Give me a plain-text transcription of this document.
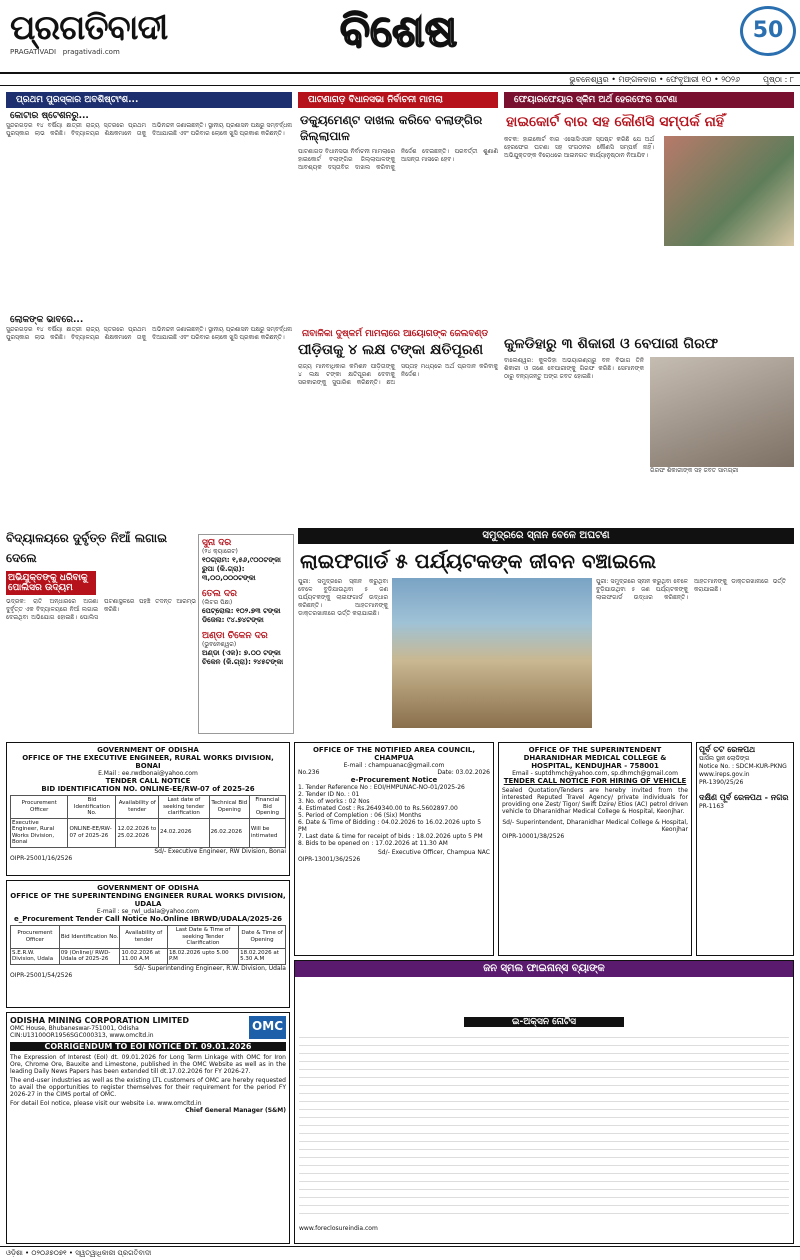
ପ୍ରଗତିବାଦୀ
PRAGATIVADI pragativadi.com	ବିଶେଷ	50
ଭୁବନେଶ୍ୱର • ମଙ୍ଗଳବାର • ଫେବୃଆରୀ ୧୦ • ୨୦୨୬	ପୃଷ୍ଠା : ୮
ପ୍ରଥମ ପୁରସ୍କାର ଅବଶିଷ୍ଟାଂଶ...
କୋଟାର ଷ୍ଟେଶନରୁ...
ସୁନ୍ଦରଗଡ଼ର ୧୪ ବର୍ଷିୟା ଛାତ୍ରୀ ରାଜ୍ୟ ସ୍ତରରେ ପ୍ରଥମ ପୁରସ୍କାର ଲାଭ କରିଛି। ବିଦ୍ୟାଳୟର ଶିକ୍ଷକମାନେ ତାକୁ ଅଭିନନ୍ଦନ ଜଣାଇଛନ୍ତି। ସ୍ଥାନୀୟ ପ୍ରଶାସନ ପକ୍ଷରୁ ସମ୍ବର୍ଦ୍ଧନା ଦିଆଯାଇଛି ଏବଂ ପରିବାର ଲୋକେ ଖୁସି ପ୍ରକାଶ କରିଛନ୍ତି।
ଲୋକଙ୍କ ଭାବରେ...
ସୁନ୍ଦରଗଡ଼ର ୧୪ ବର୍ଷିୟା ଛାତ୍ରୀ ରାଜ୍ୟ ସ୍ତରରେ ପ୍ରଥମ ପୁରସ୍କାର ଲାଭ କରିଛି। ବିଦ୍ୟାଳୟର ଶିକ୍ଷକମାନେ ତାକୁ ଅଭିନନ୍ଦନ ଜଣାଇଛନ୍ତି। ସ୍ଥାନୀୟ ପ୍ରଶାସନ ପକ୍ଷରୁ ସମ୍ବର୍ଦ୍ଧନା ଦିଆଯାଇଛି ଏବଂ ପରିବାର ଲୋକେ ଖୁସି ପ୍ରକାଶ କରିଛନ୍ତି।
ପାଟଣାଗଡ଼ ବିଧାନସଭା ନିର୍ବାଚନୀ ମାମଲା
ଡକ୍ୟୁମେଣ୍ଟ ଦାଖଲ କରିବେ ବଲାଙ୍ଗିର ଜିଲ୍ଲାପାଳ
ପାଟଣାଗଡ଼ ବିଧାନସଭା ନିର୍ବାଚନୀ ମାମଲାରେ ହାଇକୋର୍ଟ ବଲାଙ୍ଗିର ଜିଲ୍ଲାପାଳଙ୍କୁ ଆବଶ୍ୟକ ଦସ୍ତାବିଜ ଦାଖଲ କରିବାକୁ ନିର୍ଦ୍ଦେଶ ଦେଇଛନ୍ତି। ପରବର୍ତ୍ତୀ ଶୁଣାଣି ଆସନ୍ତା ମାସରେ ହେବ।
ଫେୟାରଫେୟାର ସ୍କିମ ଅର୍ଥ ହେରଫେର ଘଟଣା
ହାଇକୋର୍ଟ ବାର ସହ କୌଣସି ସମ୍ପର୍କ ନାହିଁ
କଟକ: ହାଇକୋର୍ଟ ବାର ଏସୋସିଏସନ ସ୍ପଷ୍ଟ କରିଛି ଯେ ଅର୍ଥ ହେରଫେର ଘଟଣା ସହ ସଂଗଠନର କୌଣସି ସମ୍ପର୍କ ନାହିଁ। ଅଭିଯୁକ୍ତଙ୍କ ବିରୋଧରେ ଆଇନଗତ କାର୍ଯ୍ୟାନୁଷ୍ଠାନ ନିଆଯିବ।
ନାବାଳିକା ଦୁଷ୍କର୍ମ ମାମଲାରେ ଆୟୋଗଙ୍କ ଜେଲବଣ୍ଡ
ପୀଡ଼ିତାକୁ ୪ ଲକ୍ଷ ଟଙ୍କା କ୍ଷତିପୂରଣ
ରାଜ୍ୟ ମାନବାଧିକାର କମିଶନ ପୀଡ଼ିତାଙ୍କୁ ୪ ଲକ୍ଷ ଟଙ୍କା କ୍ଷତିପୂରଣ ଦେବାକୁ ସରକାରଙ୍କୁ ସୁପାରିଶ କରିଛନ୍ତି। ଛଅ ସପ୍ତାହ ମଧ୍ୟରେ ଅର୍ଥ ପ୍ରଦାନ କରିବାକୁ ନିର୍ଦ୍ଦେଶ।
କୁଳଡିହାରୁ ୩ ଶିକାରୀ ଓ ବେପାରୀ ଗିରଫ
ବାଲେଶ୍ୱର: କୁଳଡିହା ଅଭୟାରଣ୍ୟରୁ ବନ ବିଭାଗ ତିନି ଶିକାରୀ ଓ ଜଣେ ବେପାରୀଙ୍କୁ ଗିରଫ କରିଛି। ସେମାନଙ୍କ ଠାରୁ ବନ୍ୟଜନ୍ତୁ ଅଙ୍ଗ ଜବତ ହୋଇଛି।
ଗିରଫ ଶିକାରୀଙ୍କ ସହ ଜବତ ସାମଗ୍ରୀ
ବିଦ୍ୟାଳୟରେ ଦୁର୍ବୃତ୍ତ ନିଆଁ ଲଗାଇ ଦେଲେ
ଅଭିଯୁକ୍ତଙ୍କୁ ଧରିବାକୁ ପୋଲିସର ଉଦ୍ୟମ
ଭଦ୍ରକ: ରାତି ଅନ୍ଧାରରେ ଅଜଣା ଦୁର୍ବୃତ୍ତ ଏକ ବିଦ୍ୟାଳୟରେ ନିଆଁ ଲଗାଇ ଦେଇଥିବା ଅଭିଯୋଗ ହୋଇଛି। ପୋଲିସ ଘଟଣାସ୍ଥଳରେ ପହଞ୍ଚି ତଦନ୍ତ ଆରମ୍ଭ କରିଛି।
ସୁନା ଦର
(୨୪ କ୍ୟାରେଟ)
୧୦ଗ୍ରାମ: ୧,୫୬,୯୦୦ଟଙ୍କା
ରୁପା (କି.ଗ୍ରା): ୩,୦୦,୦୦୦ଟଙ୍କା
ତେଲ ଦର
(ଲିଟର ପିଛା)
ପେଟ୍ରୋଲ: ୧୦୨.୭୩ ଟଙ୍କା
ଡିଜେଲ: ୯୪.୭୪ଟଙ୍କା
ଅଣ୍ଡା ଚିକେନ ଦର
(ଭୁବନେଶ୍ୱର)
ଅଣ୍ଡା (ଏକ): ୭.୦୦ ଟଙ୍କା
ଚିକେନ (କି.ଗ୍ରା): ୨୪୫ଟଙ୍କା
ସମୁଦ୍ରରେ ସ୍ନାନ ବେଳେ ଅଘଟଣ
ଲାଇଫଗାର୍ଡ ୫ ପର୍ଯ୍ୟଟକଙ୍କ ଜୀବନ ବଞ୍ଚାଇଲେ
ପୁରୀ: ସମୁଦ୍ରରେ ସ୍ନାନ କରୁଥିବା ବେଳେ ବୁଡ଼ିଯାଉଥିବା ୫ ଜଣ ପର୍ଯ୍ୟଟକଙ୍କୁ ଲାଇଫଗାର୍ଡ ଉଦ୍ଧାର କରିଛନ୍ତି। ଆହତମାନଙ୍କୁ ଡାକ୍ତରଖାନାରେ ଭର୍ତ୍ତି କରାଯାଇଛି।
ପୁରୀ: ସମୁଦ୍ରରେ ସ୍ନାନ କରୁଥିବା ବେଳେ ବୁଡ଼ିଯାଉଥିବା ୫ ଜଣ ପର୍ଯ୍ୟଟକଙ୍କୁ ଲାଇଫଗାର୍ଡ ଉଦ୍ଧାର କରିଛନ୍ତି। ଆହତମାନଙ୍କୁ ଡାକ୍ତରଖାନାରେ ଭର୍ତ୍ତି କରାଯାଇଛି।
GOVERNMENT OF ODISHA
OFFICE OF THE EXECUTIVE ENGINEER, RURAL WORKS DIVISION, BONAI
E.Mail : ee.rwdbonai@yahoo.com
TENDER CALL NOTICE
BID IDENTIFICATION NO. ONLINE-EE/RW-07 of 2025-26
Procurement Officer	Bid Identification No.	Availability of tender	Last date of seeking tender clarification	Technical Bid Opening	Financial Bid Opening
Executive Engineer, Rural Works Division, Bonai	ONLINE-EE/RW-07 of 2025-26	12.02.2026 to 25.02.2026	24.02.2026	26.02.2026	Will be intimated
Sd/- Executive Engineer, RW Division, Bonai
OIPR-25001/16/2526
GOVERNMENT OF ODISHA
OFFICE OF THE SUPERINTENDING ENGINEER RURAL WORKS DIVISION, UDALA
E-mail : se_rwl_udala@yahoo.com
e_Procurement Tender Call Notice No.Online IBRWD/UDALA/2025-26
Procurement Officer	Bid Identification No.	Availability of tender	Last Date & Time of seeking Tender Clarification	Date & Time of Opening
S.E.R.W. Division, Udala	09 (Online)/ RWD-Udala of 2025-26	10.02.2026 at 11.00 A.M	18.02.2026 upto 5.00 P.M	18.02.2026 at 5.30 A.M
Sd/- Superintending Engineer, R.W. Division, Udala
OIPR-25001/54/2526
OFFICE OF THE NOTIFIED AREA COUNCIL, CHAMPUA
E-mail : champuanac@gmail.com
No.236	Date: 03.02.2026
e-Procurement Notice
1. Tender Reference No : EOI/HMPUNAC-NO-01/2025-26
2. Tender ID No. : 01
3. No. of works : 02 Nos
4. Estimated Cost : Rs.2649340.00 to Rs.5602897.00
5. Period of Completion : 06 (Six) Months
6. Date & Time of Bidding : 04.02.2026 to 16.02.2026 upto 5 PM
7. Last date & time for receipt of bids : 18.02.2026 upto 5 PM
8. Bids to be opened on : 17.02.2026 at 11.30 AM
Sd/- Executive Officer, Champua NAC
OIPR-13001/36/2526
OFFICE OF THE SUPERINTENDENT DHARANIDHAR MEDICAL COLLEGE & HOSPITAL, KENDUJHAR - 758001
Email - suptdhmch@yahoo.com, sp.dhmch@gmail.com
TENDER CALL NOTICE FOR HIRING OF VEHICLE
Sealed Quotation/Tenders are hereby invited from the interested Reputed Travel Agency/ private individuals for providing one Zest/ Tigor/ Swift Dzire/ Etios (AC) petrol driven vehicle to Dharanidhar Medical College & Hospital, Keonjhar.
Sd/- Superintendent, Dharanidhar Medical College & Hospital, Keonjhar
OIPR-10001/38/2526
ପୂର୍ବ ତଟ ରେଳପଥ
ପାର୍ସଲ ସ୍ଥାନ ଲୋଡିଙ୍ଗ
Notice No. : SDCM-KUR-PKNG
www.ireps.gov.in
PR-1390/25/26
ଦକ୍ଷିଣ ପୂର୍ବ ରେଳପଥ - ନଗର
PR-1163
ODISHA MINING CORPORATION LIMITED
OMC House, Bhubaneswar-751001, Odisha
CIN:U13100OR1956SGC000313, www.omcltd.in
OMC
CORRIGENDUM TO EOI NOTICE DT. 09.01.2026
The Expression of Interest (EoI) dt. 09.01.2026 for Long Term Linkage with OMC for Iron Ore, Chrome Ore, Bauxite and Limestone, published in the OMC Website as well as in the leading Daily News Papers has been extended till dt.17.02.2026 for FY 2026-27.
The end-user industries as well as the existing LTL customers of OMC are hereby requested to avail the opportunities to register themselves for their requirement for the period FY 2026-27 in the CIMS portal of OMC.
For detail EoI notice, please visit our website i.e. www.omcltd.in
Chief General Manager (S&M)
ଜନ ସ୍ମଲ ଫାଇନାନ୍ସ ବ୍ୟାଙ୍କ
ଇ-ଅକ୍ସନ ନୋଟିସ
www.foreclosureindia.com
ଓଡ଼ିଶା • ୦୨୦୬୭୦୭୧ • ସ୍ୱତ୍ୱାଧିକାରୀ ପ୍ରଗତିବାଦୀ
